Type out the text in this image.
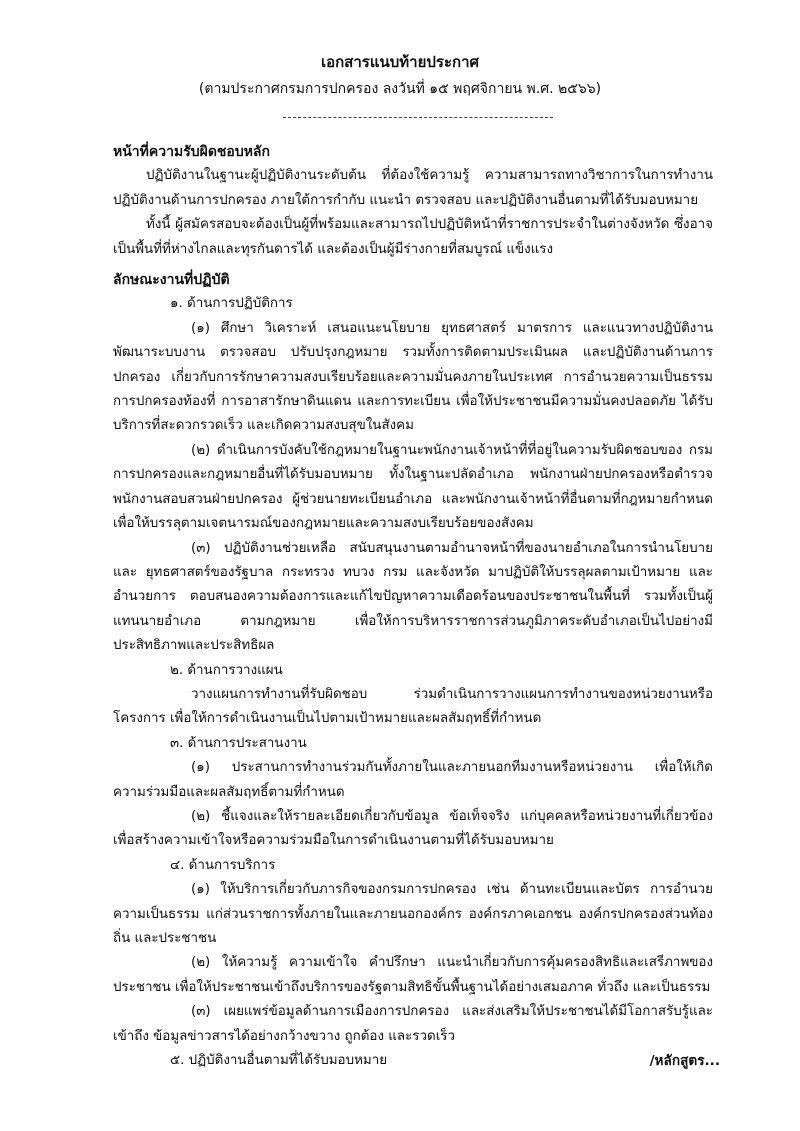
เอกสารแนบท้ายประกาศ
(ตามประกาศกรมการปกครอง ลงวันที่ ๑๕ พฤศจิกายน พ.ศ. ๒๕๖๖)

หน้าที่ความรับผิดชอบหลัก

ปฏิบัติงานในฐานะผู้ปฏิบัติงานระดับต้น ที่ต้องใช้ความรู้ ความสามารถทางวิชาการในการทำงาน ปฏิบัติงานด้านการปกครอง ภายใต้การกำกับ แนะนำ ตรวจสอบ และปฏิบัติงานอื่นตามที่ได้รับมอบหมาย

ทั้งนี้ ผู้สมัครสอบจะต้องเป็นผู้ที่พร้อมและสามารถไปปฏิบัติหน้าที่ราชการประจำในต่างจังหวัด ซึ่งอาจเป็นพื้นที่ที่ห่างไกลและทุรกันดารได้ และต้องเป็นผู้มีร่างกายที่สมบูรณ์ แข็งแรง

ลักษณะงานที่ปฏิบัติ

๑. ด้านการปฏิบัติการ

(๑) ศึกษา วิเคราะห์ เสนอแนะนโยบาย ยุทธศาสตร์ มาตรการ และแนวทางปฏิบัติงาน พัฒนาระบบงาน ตรวจสอบ ปรับปรุงกฎหมาย รวมทั้งการติดตามประเมินผล และปฏิบัติงานด้านการปกครอง เกี่ยวกับการรักษาความสงบเรียบร้อยและความมั่นคงภายในประเทศ การอำนวยความเป็นธรรม การปกครองท้องที่ การอาสารักษาดินแดน และการทะเบียน เพื่อให้ประชาชนมีความมั่นคงปลอดภัย ได้รับบริการที่สะดวกรวดเร็ว และเกิดความสงบสุขในสังคม

(๒) ดำเนินการบังคับใช้กฎหมายในฐานะพนักงานเจ้าหน้าที่ที่อยู่ในความรับผิดชอบของ กรมการปกครองและกฎหมายอื่นที่ได้รับมอบหมาย ทั้งในฐานะปลัดอำเภอ พนักงานฝ่ายปกครองหรือตำรวจ พนักงานสอบสวนฝ่ายปกครอง ผู้ช่วยนายทะเบียนอำเภอ และพนักงานเจ้าหน้าที่อื่นตามที่กฎหมายกำหนด เพื่อให้บรรลุตามเจตนารมณ์ของกฎหมายและความสงบเรียบร้อยของสังคม

(๓) ปฏิบัติงานช่วยเหลือ สนับสนุนงานตามอำนาจหน้าที่ของนายอำเภอในการนำนโยบายและ ยุทธศาสตร์ของรัฐบาล กระทรวง ทบวง กรม และจังหวัด มาปฏิบัติให้บรรลุผลตามเป้าหมาย และอำนวยการ ตอบสนองความต้องการและแก้ไขปัญหาความเดือดร้อนของประชาชนในพื้นที่ รวมทั้งเป็นผู้แทนนายอำเภอ ตามกฎหมาย เพื่อให้การบริหารราชการส่วนภูมิภาคระดับอำเภอเป็นไปอย่างมีประสิทธิภาพและประสิทธิผล

๒. ด้านการวางแผน

วางแผนการทำงานที่รับผิดชอบ ร่วมดำเนินการวางแผนการทำงานของหน่วยงานหรือโครงการ เพื่อให้การดำเนินงานเป็นไปตามเป้าหมายและผลสัมฤทธิ์ที่กำหนด

๓. ด้านการประสานงาน

(๑) ประสานการทำงานร่วมกันทั้งภายในและภายนอกทีมงานหรือหน่วยงาน เพื่อให้เกิด ความร่วมมือและผลสัมฤทธิ์ตามที่กำหนด

(๒) ชี้แจงและให้รายละเอียดเกี่ยวกับข้อมูล ข้อเท็จจริง แก่บุคคลหรือหน่วยงานที่เกี่ยวข้อง เพื่อสร้างความเข้าใจหรือความร่วมมือในการดำเนินงานตามที่ได้รับมอบหมาย

๔. ด้านการบริการ

(๑) ให้บริการเกี่ยวกับภารกิจของกรมการปกครอง เช่น ด้านทะเบียนและบัตร การอำนวย ความเป็นธรรม แก่ส่วนราชการทั้งภายในและภายนอกองค์กร องค์กรภาคเอกชน องค์กรปกครองส่วนท้องถิ่น และประชาชน

(๒) ให้ความรู้ ความเข้าใจ คำปรึกษา แนะนำเกี่ยวกับการคุ้มครองสิทธิและเสรีภาพของประชาชน เพื่อให้ประชาชนเข้าถึงบริการของรัฐตามสิทธิขั้นพื้นฐานได้อย่างเสมอภาค ทั่วถึง และเป็นธรรม

(๓) เผยแพร่ข้อมูลด้านการเมืองการปกครอง และส่งเสริมให้ประชาชนได้มีโอกาสรับรู้และเข้าถึง ข้อมูลข่าวสารได้อย่างกว้างขวาง ถูกต้อง และรวดเร็ว

๕. ปฏิบัติงานอื่นตามที่ได้รับมอบหมาย	/หลักสูตร...
